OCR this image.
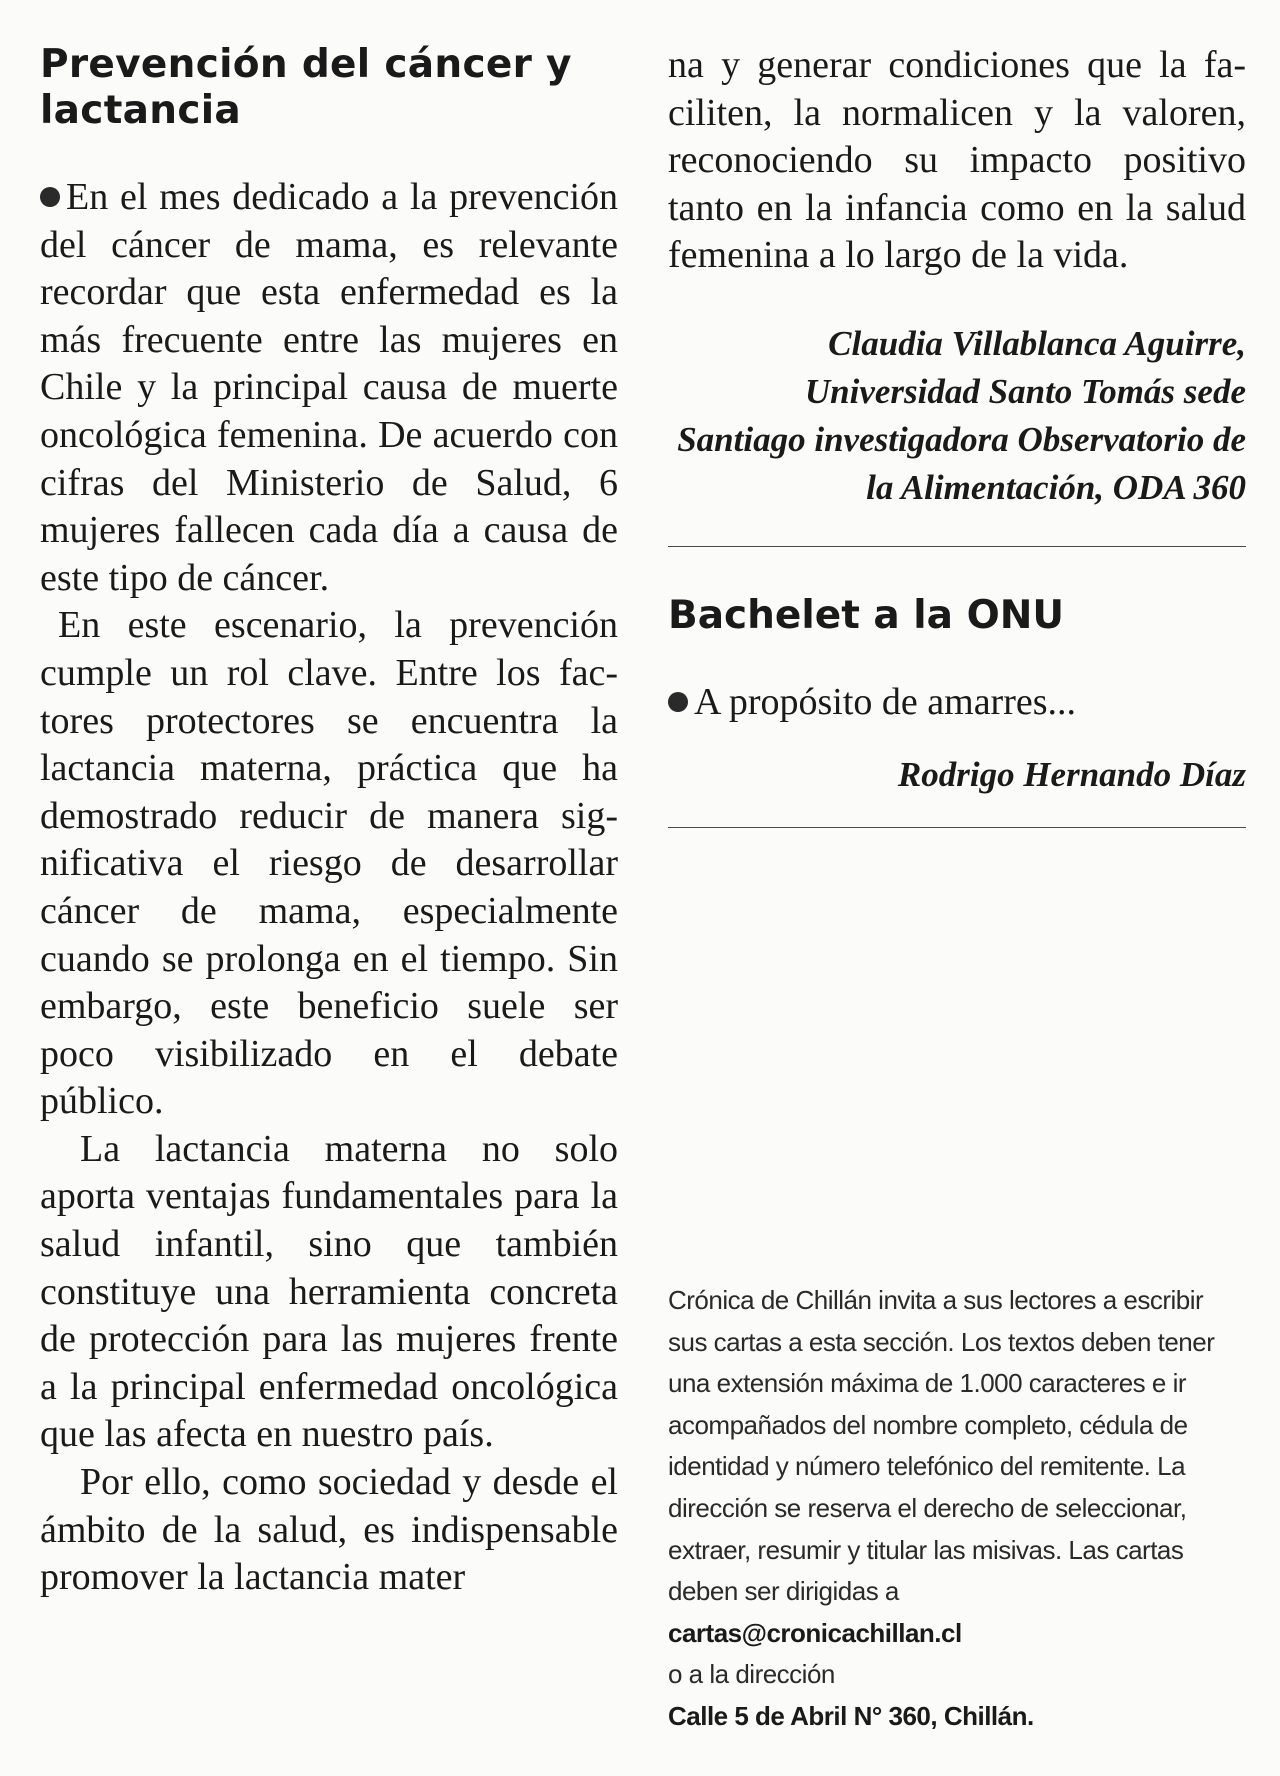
Prevención del cáncer y lactancia

En el mes dedicado a la prevención del cáncer de mama, es relevante recordar que esta enfermedad es la más frecuente entre las mujeres en Chile y la principal causa de muerte oncológica femenina. De acuerdo con cifras del Ministerio de Salud, 6 mujeres fallecen cada día a causa de este tipo de cáncer.

En este escenario, la prevención cumple un rol clave. Entre los factores protectores se encuentra la lactancia materna, práctica que ha demostrado reducir de manera significativa el riesgo de desarrollar cáncer de mama, especialmente cuando se prolonga en el tiempo. Sin embargo, este beneficio suele ser poco visibilizado en el debate público.

La lactancia materna no solo aporta ventajas fundamentales para la salud infantil, sino que también constituye una herramienta concreta de protección para las mujeres frente a la principal enfermedad oncológica que las afecta en nuestro país.

Por ello, como sociedad y desde el ámbito de la salud, es indispensable promover la lactancia mater

na y generar condiciones que la faciliten, la normalicen y la valoren, reconociendo su impacto positivo tanto en la infancia como en la salud femenina a lo largo de la vida.

Claudia Villablanca Aguirre, Universidad Santo Tomás sede Santiago investigadora Observatorio de la Alimentación, ODA 360

Bachelet a la ONU

A propósito de amarres...

Rodrigo Hernando Díaz

Crónica de Chillán invita a sus lectores a escribir sus cartas a esta sección. Los textos deben tener una extensión máxima de 1.000 caracteres e ir acompañados del nombre completo, cédula de identidad y número telefónico del remitente. La dirección se reserva el derecho de seleccionar, extraer, resumir y titular las misivas. Las cartas deben ser dirigidas a

cartas@cronicachillan.cl

o a la dirección

Calle 5 de Abril N° 360, Chillán.
